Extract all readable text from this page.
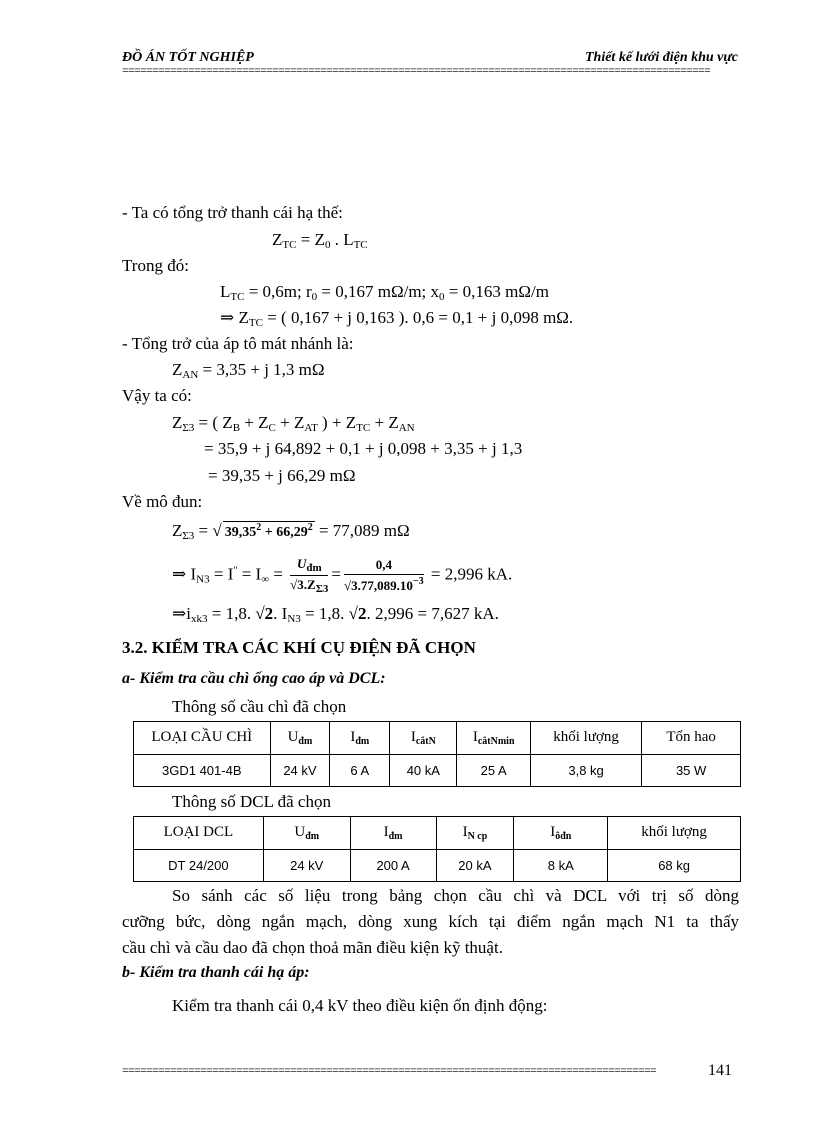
ĐỒ ÁN TỐT NGHIỆP	Thiết kế lưới điện khu vực
==================================================================================================
- Ta có tổng trở thanh cái hạ thế:
$Z_{TC} = Z_0$ . $L_{TC}$
Trong đó:
$L_{TC} = 0,6m$; $r_0 = 0,167$ mΩ/m; $x_0 = 0,163$ mΩ/m
⇒ $Z_{TC}$ = ( 0,167 + j 0,163 ). 0,6 = 0,1 + j 0,098 mΩ.
- Tổng trở của áp tô mát nhánh là:
$Z_{AN} = 3,35 + j$ 1,3 mΩ
Vậy ta có:
$Z_{\Sigma 3}$ = ( $Z_B + Z_C + Z_{AT}$ ) + $Z_{TC} + Z_{AN}$
= 35,9 + j 64,892 + 0,1 + j 0,098 + 3,35 + j 1,3
= 39,35 + j 66,29 mΩ
Về mô đun:
$Z_{\Sigma 3}$ = √ $39,35^2 + 66,29^2 = 77,089$ mΩ
⇒ $I_{N3} = I^" = I_\infty = \frac{U_{đm}}{√3.Z_{\Sigma 3}} = \frac{0,4}{√3.77,089.10^{-3}} = 2,996$ kA.
$\Rightarrow i_{xk3} = 1,8$. √2. $I_{N3} = 1,8$. √2. 2,996 = 7,627 kA.
3.2. KIỂM TRA CÁC KHÍ CỤ ĐIỆN ĐÃ CHỌN
a- Kiểm tra cầu chì ống cao áp và DCL:
Thông số cầu chì đã chọn
LOẠI CẦU CHÌ	$U_{đm}$	$I_{đm}$	$I_{cắtN}$	$I_{cắtNmin}$	khối lượng	Tổn hao
3GD1 401-4B	24 kV	6 A	40 kA	25 A	3,8 kg	35 W
Thông số DCL đã chọn
LOẠI DCL	$U_{đm}$	$I_{đm}$	$I_{N cp}$	$I_{ôđn}$	khối lượng
DT 24/200	24 kV	200 A	20 kA	8 kA	68 kg
So sánh các số liệu trong bảng chọn cầu chì và DCL với trị số dòng
cưỡng bức, dòng ngắn mạch, dòng xung kích tại điểm ngắn mạch N1 ta thấy
cầu chì và cầu dao đã chọn thoả mãn điều kiện kỹ thuật.
b- Kiểm tra thanh cái hạ áp:
Kiểm tra thanh cái 0,4 kV theo điều kiện ổn định động:
=========================================================================================	141
